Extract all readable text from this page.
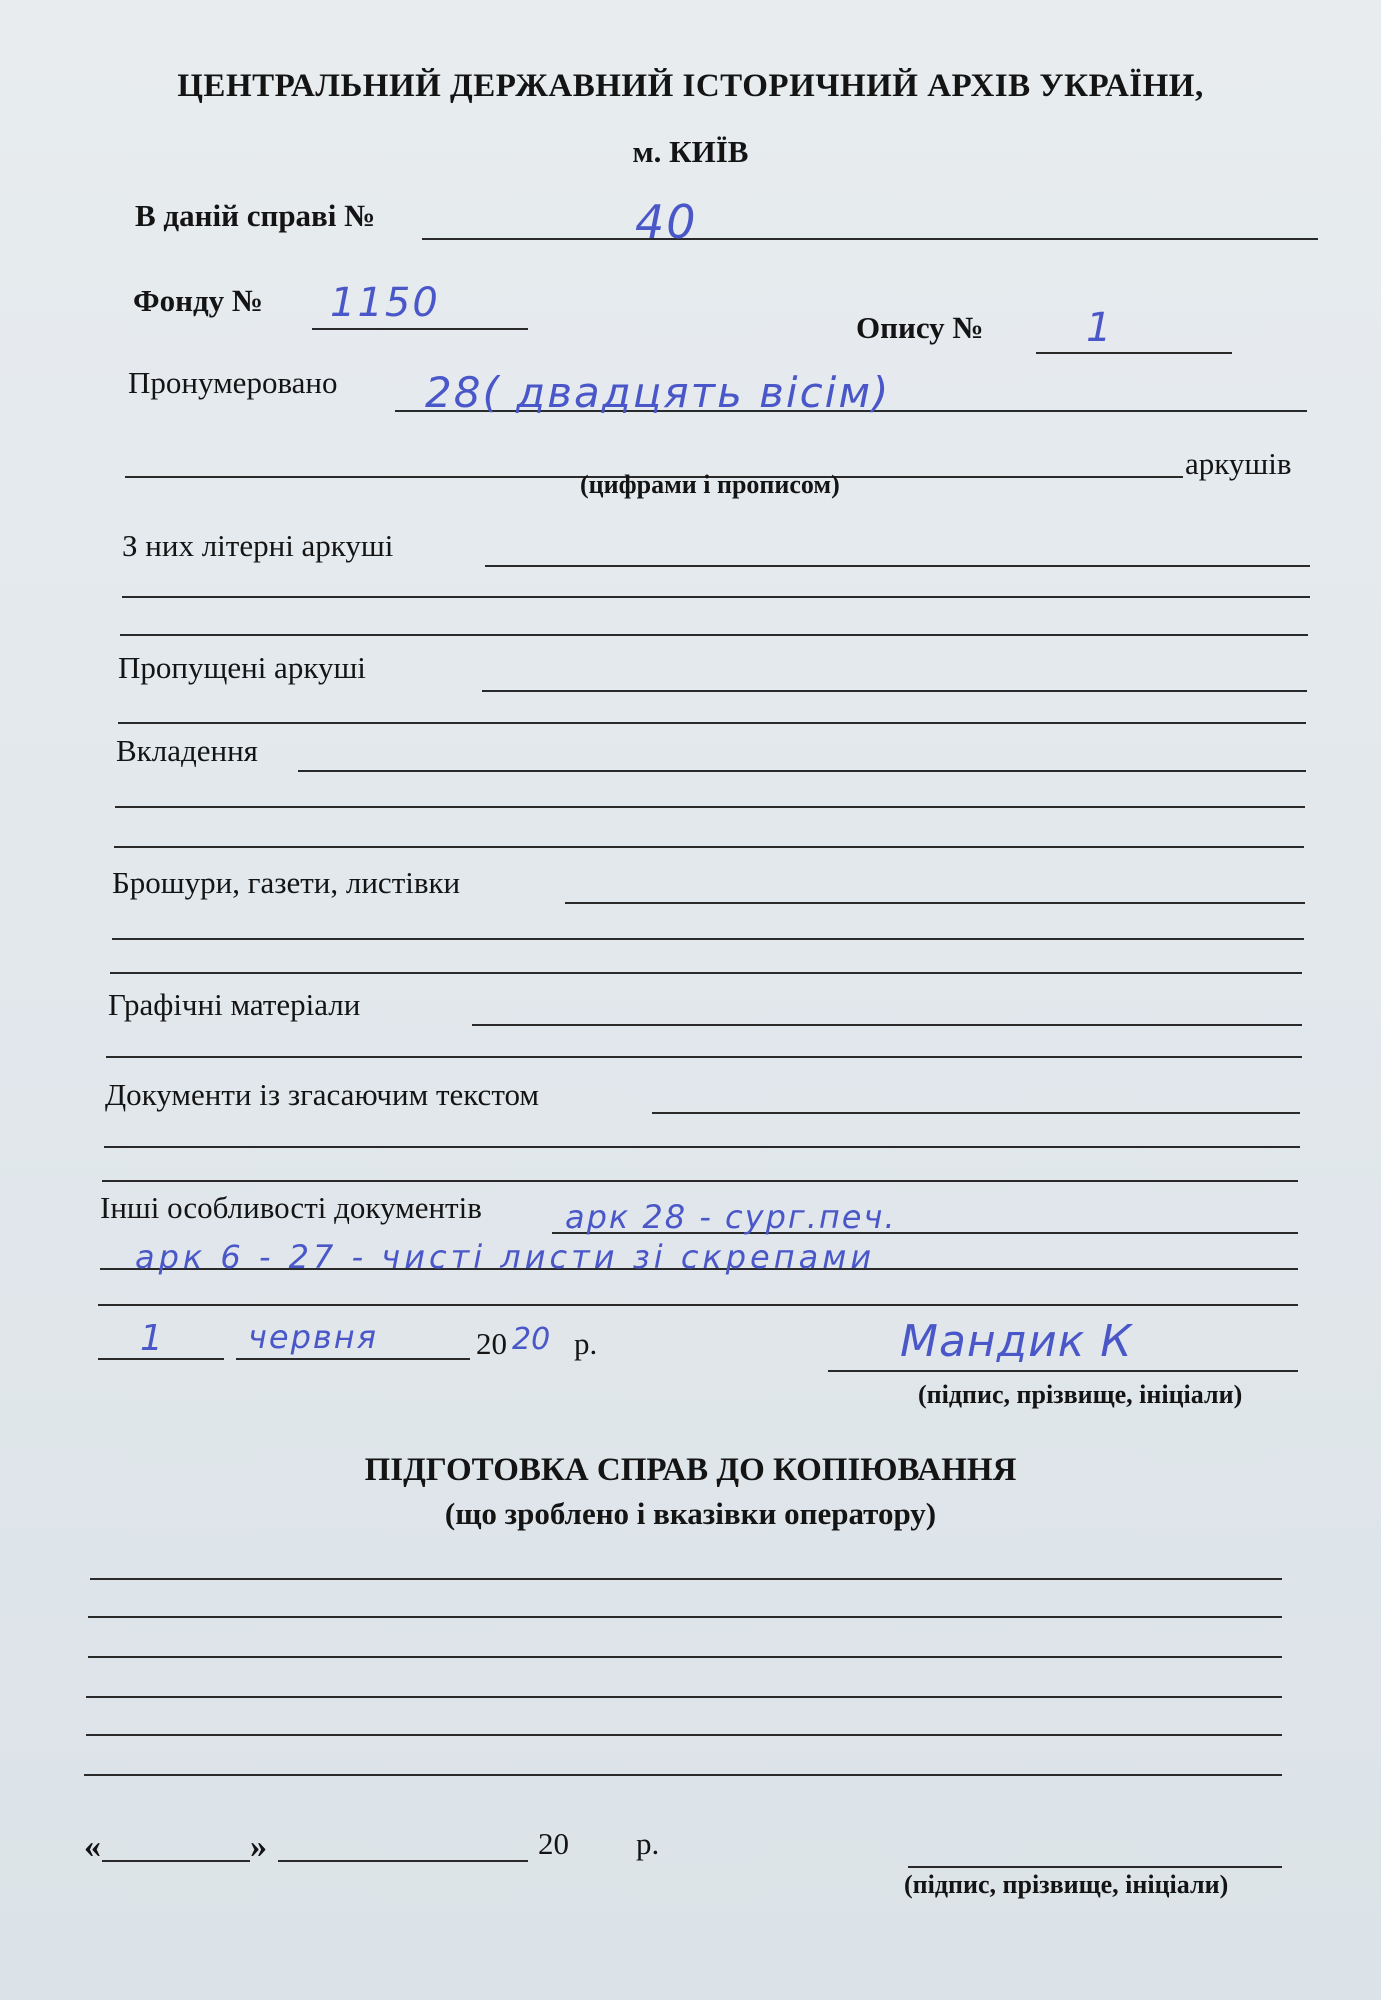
ЦЕНТРАЛЬНИЙ ДЕРЖАВНИЙ ІСТОРИЧНИЙ АРХІВ УКРАЇНИ,
м. КИЇВ
В даній справі №	40
Фонду № 1150
Опису №	1
Пронумеровано 28( двадцять вісім)
аркушів
(цифрами і прописом)
З них літерні аркуші
Пропущені аркуші
Вкладення
Брошури, газети, листівки
Графічні матеріали
Документи із згасаючим текстом
Інші особливості документів	арк 28 - сург.печ.
арк 6 - 27 - чисті листи зі скрепами
1	червня	20 20 р.	Мандик К
(підпис, прізвище, ініціали)
ПІДГОТОВКА СПРАВ ДО КОПІЮВАННЯ
(що зроблено і вказівки оператору)
«	»	20 р.
(підпис, прізвище, ініціали)
